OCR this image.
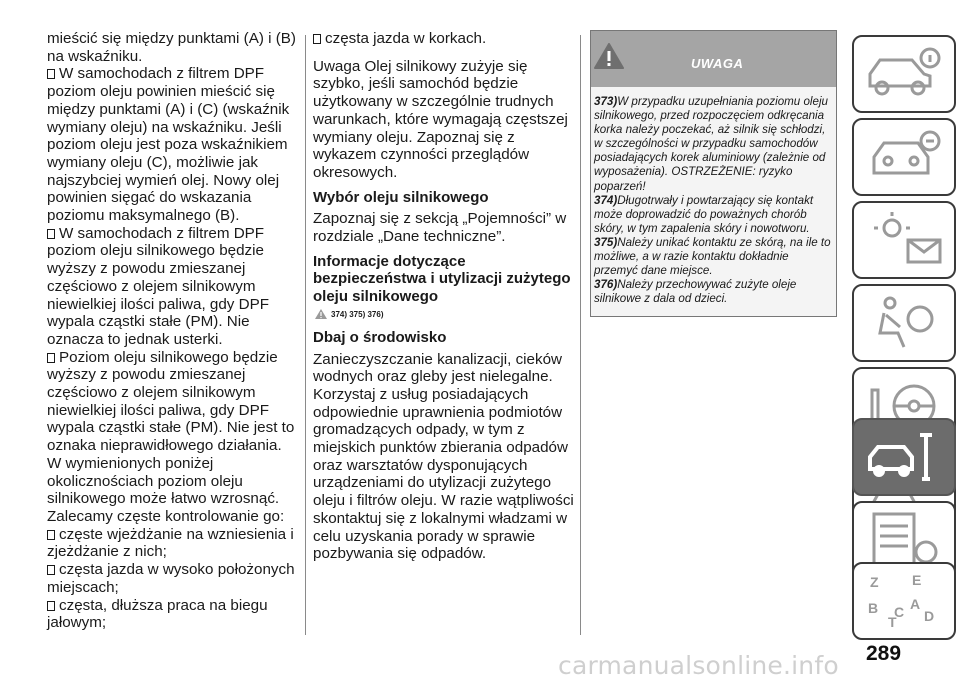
mieścić się między punktami (A) i (B) na wskaźniku.

W samochodach z filtrem DPF poziom oleju powinien mieścić się między punktami (A) i (C) (wskaźnik wymiany oleju) na wskaźniku. Jeśli poziom oleju jest poza wskaźnikiem wymiany oleju (C), możliwie jak najszybciej wymień olej. Nowy olej powinien sięgać do wskazania poziomu maksymalnego (B).

W samochodach z filtrem DPF poziom oleju silnikowego będzie wyższy z powodu zmieszanej częściowo z olejem silnikowym niewielkiej ilości paliwa, gdy DPF wypala cząstki stałe (PM). Nie oznacza to jednak usterki.

Poziom oleju silnikowego będzie wyższy z powodu zmieszanej częściowo z olejem silnikowym niewielkiej ilości paliwa, gdy DPF wypala cząstki stałe (PM). Nie jest to oznaka nieprawidłowego działania.

W wymienionych poniżej okolicznościach poziom oleju silnikowego może łatwo wzrosnąć. Zalecamy częste kontrolowanie go:

częste wjeżdżanie na wzniesienia i zjeżdżanie z nich;

częsta jazda w wysoko położonych miejscach;

częsta, dłuższa praca na biegu jałowym;

częsta jazda w korkach.

Uwaga Olej silnikowy zużyje się szybko, jeśli samochód będzie użytkowany w szczególnie trudnych warunkach, które wymagają częstszej wymiany oleju. Zapoznaj się z wykazem czynności przeglądów okresowych.

Wybór oleju silnikowego

Zapoznaj się z sekcją „Pojemności” w rozdziale „Dane techniczne”.

Informacje dotyczące bezpieczeństwa i utylizacji zużytego oleju silnikowego
374) 375) 376)
Dbaj o środowisko

Zanieczyszczanie kanalizacji, cieków wodnych oraz gleby jest nielegalne. Korzystaj z usług posiadających odpowiednie uprawnienia podmiotów gromadzących odpady, w tym z miejskich punktów zbierania odpadów oraz warsztatów dysponujących urządzeniami do utylizacji zużytego oleju i filtrów oleju. W razie wątpliwości skontaktuj się z lokalnymi władzami w celu uzyskania porady w sprawie pozbywania się odpadów.

UWAGA

373)W przypadku uzupełniania poziomu oleju silnikowego, przed rozpoczęciem odkręcania korka należy poczekać, aż silnik się schłodzi, w szczególności w przypadku samochodów posiadających korek aluminiowy (zależnie od wyposażenia). OSTRZEŻENIE: ryzyko poparzeń!

374)Długotrwały i powtarzający się kontakt może doprowadzić do poważnych chorób skóry, w tym zapalenia skóry i nowotworu.

375)Należy unikać kontaktu ze skórą, na ile to możliwe, a w razie kontaktu dokładnie przemyć dane miejsce.

376)Należy przechowywać zużyte oleje silnikowe z dala od dzieci.

Z E
B C A
D
T
289
carmanualsonline.info
